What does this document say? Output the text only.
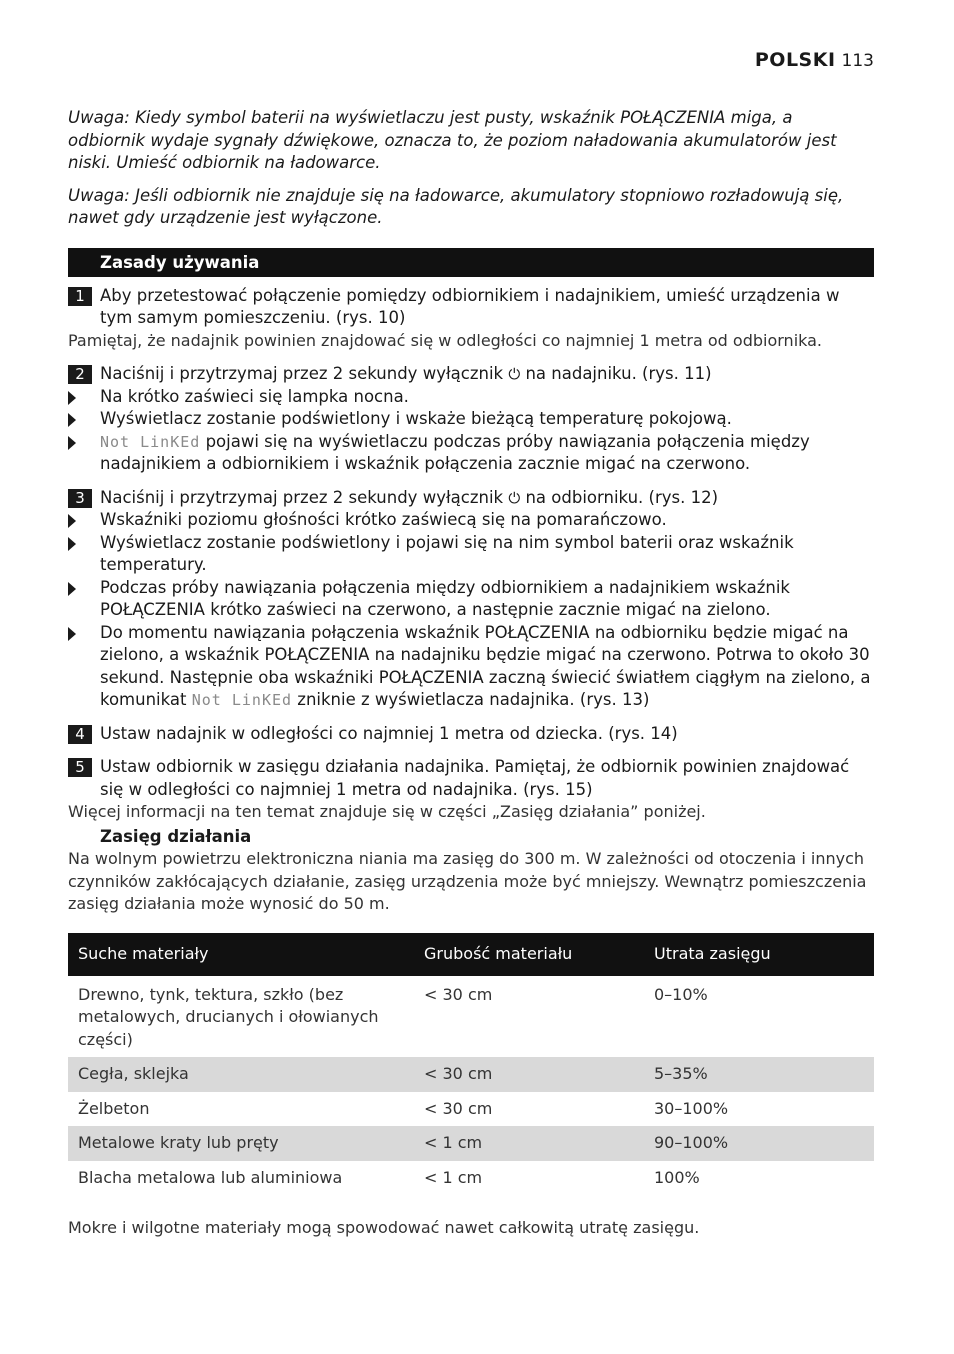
POLSKI 113

Uwaga: Kiedy symbol baterii na wyświetlaczu jest pusty, wskaźnik POŁĄCZENIA miga, a odbiornik wydaje sygnały dźwiękowe, oznacza to, że poziom naładowania akumulatorów jest niski. Umieść odbiornik na ładowarce.

Uwaga: Jeśli odbiornik nie znajduje się na ładowarce, akumulatory stopniowo rozładowują się, nawet gdy urządzenie jest wyłączone.

Zasady używania
1 Aby przetestować połączenie pomiędzy odbiornikiem i nadajnikiem, umieść urządzenia w tym samym pomieszczeniu. (rys. 10)

Pamiętaj, że nadajnik powinien znajdować się w odległości co najmniej 1 metra od odbiornika.

2 Naciśnij i przytrzymaj przez 2 sekundy wyłącznik ⏻ na nadajniku. (rys. 11)
Na krótko zaświeci się lampka nocna.
Wyświetlacz zostanie podświetlony i wskaże bieżącą temperaturę pokojową.
Not LinKEd pojawi się na wyświetlaczu podczas próby nawiązania połączenia między nadajnikiem a odbiornikiem i wskaźnik połączenia zacznie migać na czerwono.
3 Naciśnij i przytrzymaj przez 2 sekundy wyłącznik ⏻ na odbiorniku. (rys. 12)
Wskaźniki poziomu głośności krótko zaświecą się na pomarańczowo.
Wyświetlacz zostanie podświetlony i pojawi się na nim symbol baterii oraz wskaźnik temperatury.
Podczas próby nawiązania połączenia między odbiornikiem a nadajnikiem wskaźnik POŁĄCZENIA krótko zaświeci na czerwono, a następnie zacznie migać na zielono.
Do momentu nawiązania połączenia wskaźnik POŁĄCZENIA na odbiorniku będzie migać na zielono, a wskaźnik POŁĄCZENIA na nadajniku będzie migać na czerwono. Potrwa to około 30 sekund. Następnie oba wskaźniki POŁĄCZENIA zaczną świecić światłem ciągłym na zielono, a komunikat Not LinKEd zniknie z wyświetlacza nadajnika. (rys. 13)
4 Ustaw nadajnik w odległości co najmniej 1 metra od dziecka. (rys. 14)
5 Ustaw odbiornik w zasięgu działania nadajnika. Pamiętaj, że odbiornik powinien znajdować się w odległości co najmniej 1 metra od nadajnika. (rys. 15)

Więcej informacji na ten temat znajduje się w części „Zasięg działania” poniżej.

Zasięg działania

Na wolnym powietrzu elektroniczna niania ma zasięg do 300 m. W zależności od otoczenia i innych czynników zakłócających działanie, zasięg urządzenia może być mniejszy. Wewnątrz pomieszczenia zasięg działania może wynosić do 50 m.

Suche materiały	Grubość materiału	Utrata zasięgu
Drewno, tynk, tektura, szkło (bez metalowych, drucianych i ołowianych części)	< 30 cm	0–10%
Cegła, sklejka	< 30 cm	5–35%
Żelbeton	< 30 cm	30–100%
Metalowe kraty lub pręty	< 1 cm	90–100%
Blacha metalowa lub aluminiowa	< 1 cm	100%

Mokre i wilgotne materiały mogą spowodować nawet całkowitą utratę zasięgu.
